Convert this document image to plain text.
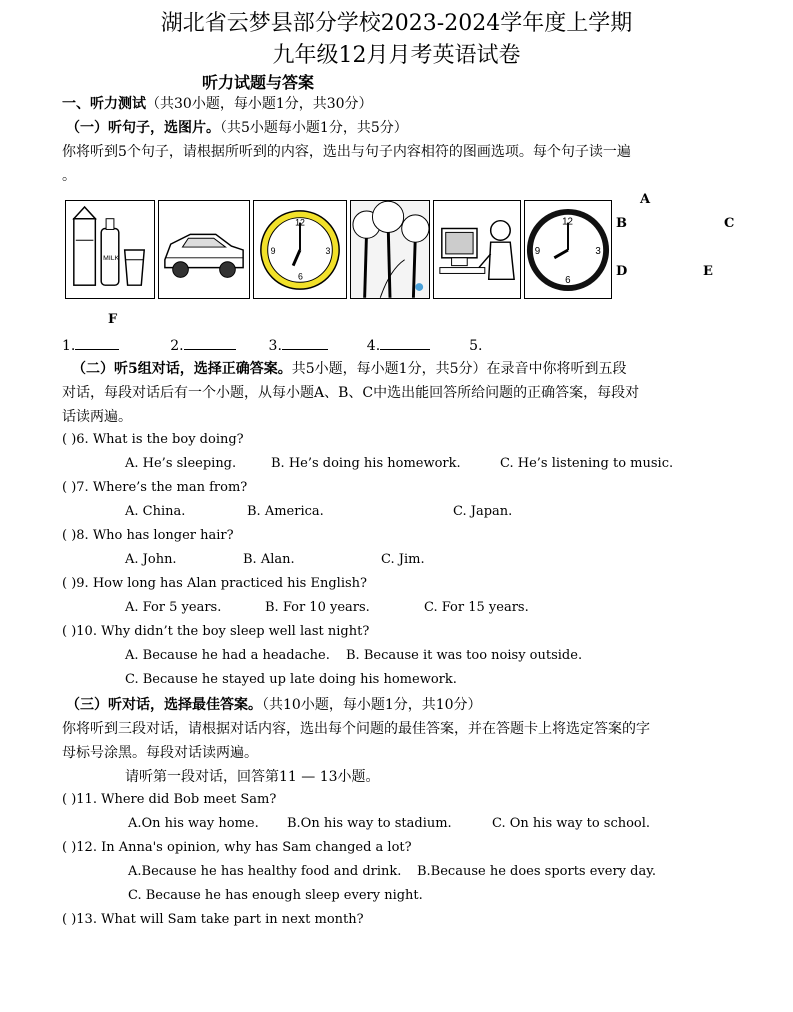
湖北省云梦县部分学校2023-2024学年度上学期
九年级12月月考英语试卷
听力试题与答案
一、听力测试（共30小题，每小题1分，共30分）
（一）听句子，选图片。（共5小题每小题1分，共5分）
你将听到5个句子，请根据所听到的内容，选出与句子内容相符的图画选项。每个句子读一遍
。
MILK
12
3
6
9
12
3
6
9
A
B	C
D	E
F
1.	2.	3.	4.	5.
（二）听5组对话，选择正确答案。共5小题，每小题1分，共5分）在录音中你将听到五段
对话，每段对话后有一个小题，从每小题A、B、C中选出能回答所给问题的正确答案，每段对
话读两遍。
( )6. What is the boy doing?
A. He’s sleeping.	B. He’s doing his homework.	C. He’s listening to music.
( )7. Where’s the man from?
A. China.	B. America.	C. Japan.
( )8. Who has longer hair?
A. John.	B. Alan.	C. Jim.
( )9. How long has Alan practiced his English?
A. For 5 years.	B. For 10 years.	C. For 15 years.
( )10. Why didn’t the boy sleep well last night?
A. Because he had a headache. B. Because it was too noisy outside.
C. Because he stayed up late doing his homework.
（三）听对话，选择最佳答案。（共10小题，每小题1分，共10分）
你将听到三段对话，请根据对话内容，选出每个问题的最佳答案，并在答题卡上将选定答案的字
母标号涂黑。每段对话读两遍。
请听第一段对话，回答第11 — 13小题。
( )11. Where did Bob meet Sam?
A.On his way home. B.On his way to stadium.	C. On his way to school.
( )12. In Anna's opinion, why has Sam changed a lot?
A.Because he has healthy food and drink. B.Because he does sports every day.
C. Because he has enough sleep every night.
( )13. What will Sam take part in next month?
